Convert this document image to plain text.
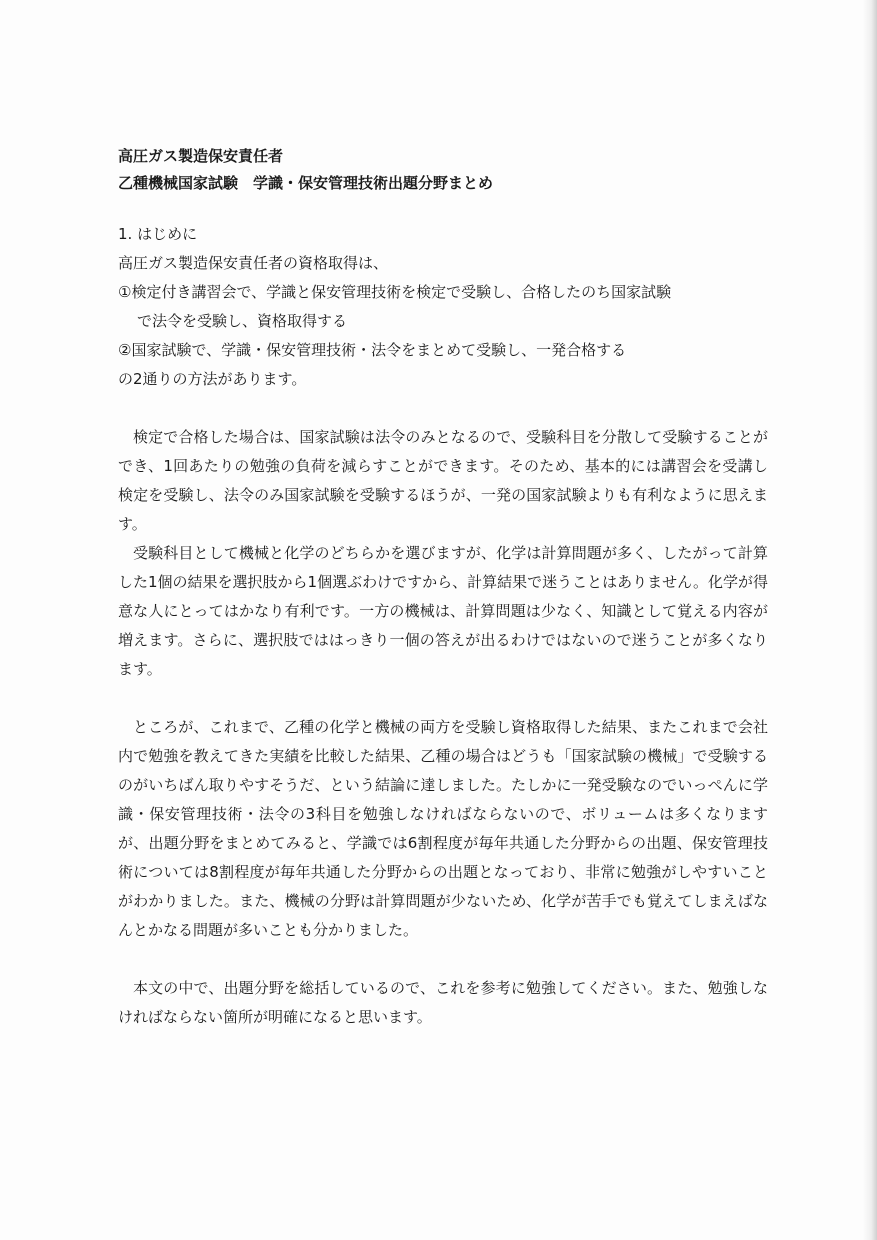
高圧ガス製造保安責任者
乙種機械国家試験　学識・保安管理技術出題分野まとめ
1. はじめに
高圧ガス製造保安責任者の資格取得は、
①検定付き講習会で、学識と保安管理技術を検定で受験し、合格したのち国家試験
で法令を受験し、資格取得する
②国家試験で、学識・保安管理技術・法令をまとめて受験し、一発合格する
の2通りの方法があります。

検定で合格した場合は、国家試験は法令のみとなるので、受験科目を分散して受験することができ、1回あたりの勉強の負荷を減らすことができます。そのため、基本的には講習会を受講し検定を受験し、法令のみ国家試験を受験するほうが、一発の国家試験よりも有利なように思えます。

受験科目として機械と化学のどちらかを選びますが、化学は計算問題が多く、したがって計算した1個の結果を選択肢から1個選ぶわけですから、計算結果で迷うことはありません。化学が得意な人にとってはかなり有利です。一方の機械は、計算問題は少なく、知識として覚える内容が増えます。さらに、選択肢でははっきり一個の答えが出るわけではないので迷うことが多くなります。

ところが、これまで、乙種の化学と機械の両方を受験し資格取得した結果、またこれまで会社内で勉強を教えてきた実績を比較した結果、乙種の場合はどうも「国家試験の機械」で受験するのがいちばん取りやすそうだ、という結論に達しました。たしかに一発受験なのでいっぺんに学識・保安管理技術・法令の3科目を勉強しなければならないので、ボリュームは多くなりますが、出題分野をまとめてみると、学識では6割程度が毎年共通した分野からの出題、保安管理技術については8割程度が毎年共通した分野からの出題となっており、非常に勉強がしやすいことがわかりました。また、機械の分野は計算問題が少ないため、化学が苦手でも覚えてしまえばなんとかなる問題が多いことも分かりました。

本文の中で、出題分野を総括しているので、これを参考に勉強してください。また、勉強しなければならない箇所が明確になると思います。
